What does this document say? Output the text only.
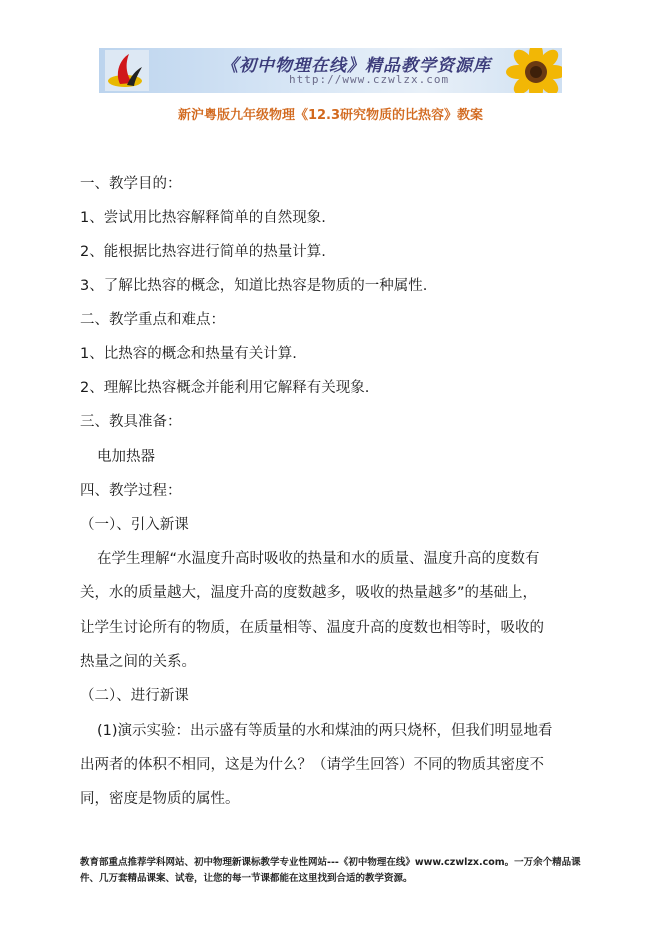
《初中物理在线》精品教学资源库
http://www.czwlzx.com
新沪粤版九年级物理《12.3研究物质的比热容》教案
一、教学目的：
1、尝试用比热容解释简单的自然现象.
2、能根据比热容进行简单的热量计算.
3、了解比热容的概念，知道比热容是物质的一种属性.
二、教学重点和难点：
1、比热容的概念和热量有关计算.
2、理解比热容概念并能利用它解释有关现象.
三、教具准备：
电加热器
四、教学过程：
（一）、引入新课
在学生理解“水温度升高时吸收的热量和水的质量、温度升高的度数有
关，水的质量越大，温度升高的度数越多，吸收的热量越多”的基础上，
让学生讨论所有的物质，在质量相等、温度升高的度数也相等时，吸收的
热量之间的关系。
（二）、进行新课
(1)演示实验：出示盛有等质量的水和煤油的两只烧杯，但我们明显地看
出两者的体积不相同，这是为什么？（请学生回答）不同的物质其密度不
同，密度是物质的属性。
教育部重点推荐学科网站、初中物理新课标教学专业性网站---《初中物理在线》www.czwlzx.com。一万余个精品课
件、几万套精品课案、试卷，让您的每一节课都能在这里找到合适的教学资源。
